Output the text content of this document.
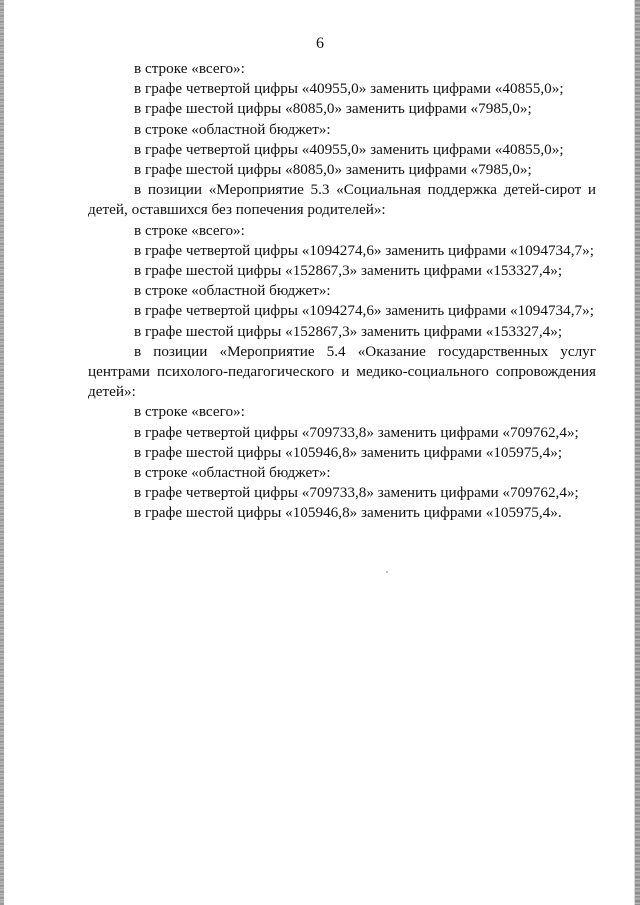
6

в строке «всего»:

в графе четвертой цифры «40955,0» заменить цифрами «40855,0»;

в графе шестой цифры «8085,0» заменить цифрами «7985,0»;

в строке «областной бюджет»:

в графе четвертой цифры «40955,0» заменить цифрами «40855,0»;

в графе шестой цифры «8085,0» заменить цифрами «7985,0»;

в позиции «Мероприятие 5.3 «Социальная поддержка детей-сирот и детей, оставшихся без попечения родителей»:

в строке «всего»:

в графе четвертой цифры «1094274,6» заменить цифрами «1094734,7»;

в графе шестой цифры «152867,3» заменить цифрами «153327,4»;

в строке «областной бюджет»:

в графе четвертой цифры «1094274,6» заменить цифрами «1094734,7»;

в графе шестой цифры «152867,3» заменить цифрами «153327,4»;

в позиции «Мероприятие 5.4 «Оказание государственных услуг центрами психолого-педагогического и медико-социального сопровождения детей»:

в строке «всего»:

в графе четвертой цифры «709733,8» заменить цифрами «709762,4»;

в графе шестой цифры «105946,8» заменить цифрами «105975,4»;

в строке «областной бюджет»:

в графе четвертой цифры «709733,8» заменить цифрами «709762,4»;

в графе шестой цифры «105946,8» заменить цифрами «105975,4».
